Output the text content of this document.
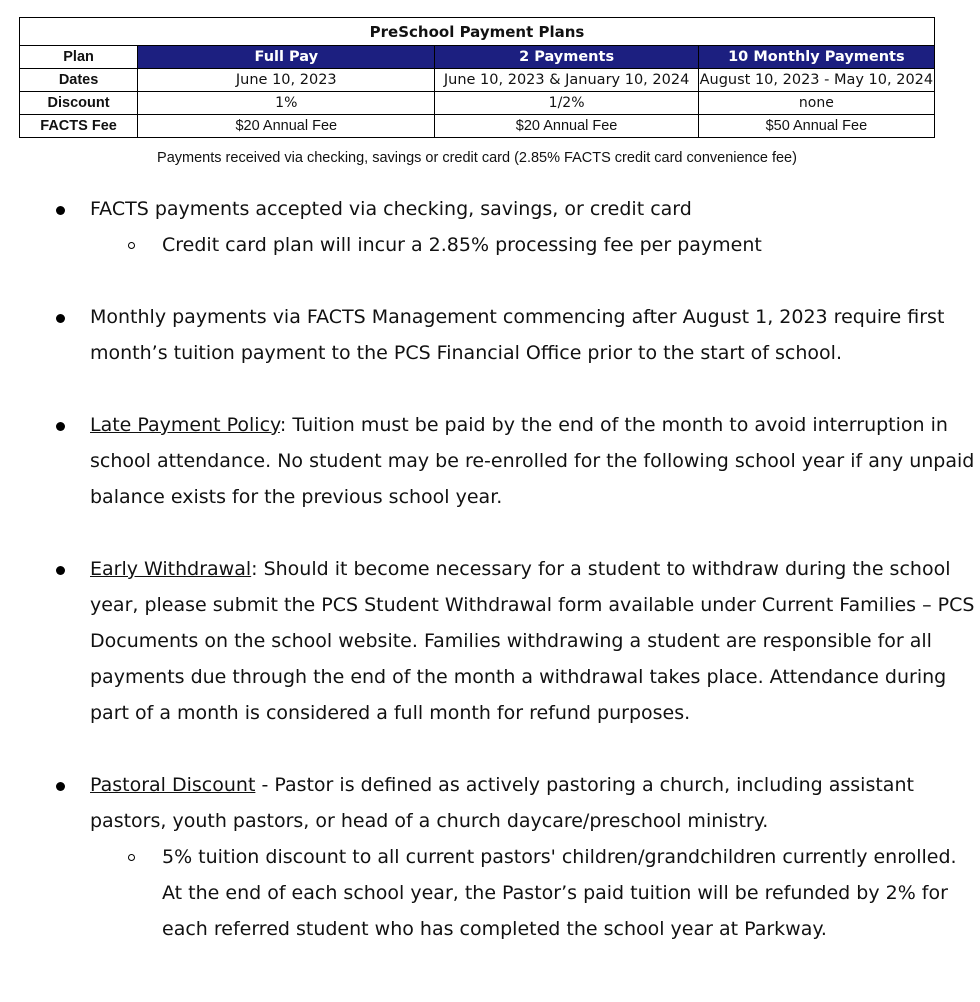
PreSchool Payment Plans			
Plan	Full Pay	2 Payments	10 Monthly Payments
Dates	June 10, 2023	June 10, 2023 & January 10, 2024	August 10, 2023 - May 10, 2024
Discount	1%	1/2%	none
FACTS Fee	$20 Annual Fee	$20 Annual Fee	$50 Annual Fee
Payments received via checking, savings or credit card (2.85% FACTS credit card convenience fee)
FACTS payments accepted via checking, savings, or credit card
Credit card plan will incur a 2.85% processing fee per payment
Monthly payments via FACTS Management commencing after August 1, 2023 require first
month’s tuition payment to the PCS Financial Office prior to the start of school.
Late Payment Policy: Tuition must be paid by the end of the month to avoid interruption in
school attendance. No student may be re-enrolled for the following school year if any unpaid
balance exists for the previous school year.
Early Withdrawal: Should it become necessary for a student to withdraw during the school
year, please submit the PCS Student Withdrawal form available under Current Families – PCS
Documents on the school website. Families withdrawing a student are responsible for all
payments due through the end of the month a withdrawal takes place. Attendance during
part of a month is considered a full month for refund purposes.
Pastoral Discount - Pastor is defined as actively pastoring a church, including assistant
pastors, youth pastors, or head of a church daycare/preschool ministry.
5% tuition discount to all current pastors' children/grandchildren currently enrolled.
At the end of each school year, the Pastor’s paid tuition will be refunded by 2% for
each referred student who has completed the school year at Parkway.
